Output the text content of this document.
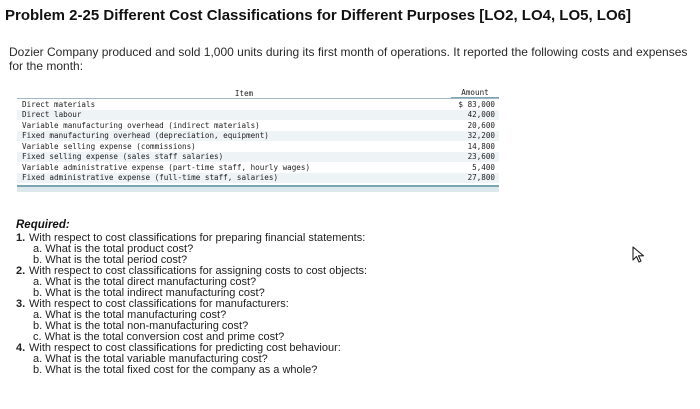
Problem 2-25 Different Cost Classifications for Different Purposes [LO2, LO4, LO5, LO6]
Dozier Company produced and sold 1,000 units during its first month of operations. It reported the following costs and expenses for the month:
Item	Amount
Direct materials	$ 83,000
Direct labour	42,000
Variable manufacturing overhead (indirect materials)	20,600
Fixed manufacturing overhead (depreciation, equipment)	32,200
Variable selling expense (commissions)	14,800
Fixed selling expense (sales staff salaries)	23,600
Variable administrative expense (part-time staff, hourly wages)	5,400
Fixed administrative expense (full-time staff, salaries)	27,800
Required:
1. With respect to cost classifications for preparing financial statements:
a. What is the total product cost?
b. What is the total period cost?
2. With respect to cost classifications for assigning costs to cost objects:
a. What is the total direct manufacturing cost?
b. What is the total indirect manufacturing cost?
3. With respect to cost classifications for manufacturers:
a. What is the total manufacturing cost?
b. What is the total non-manufacturing cost?
c. What is the total conversion cost and prime cost?
4. With respect to cost classifications for predicting cost behaviour:
a. What is the total variable manufacturing cost?
b. What is the total fixed cost for the company as a whole?
